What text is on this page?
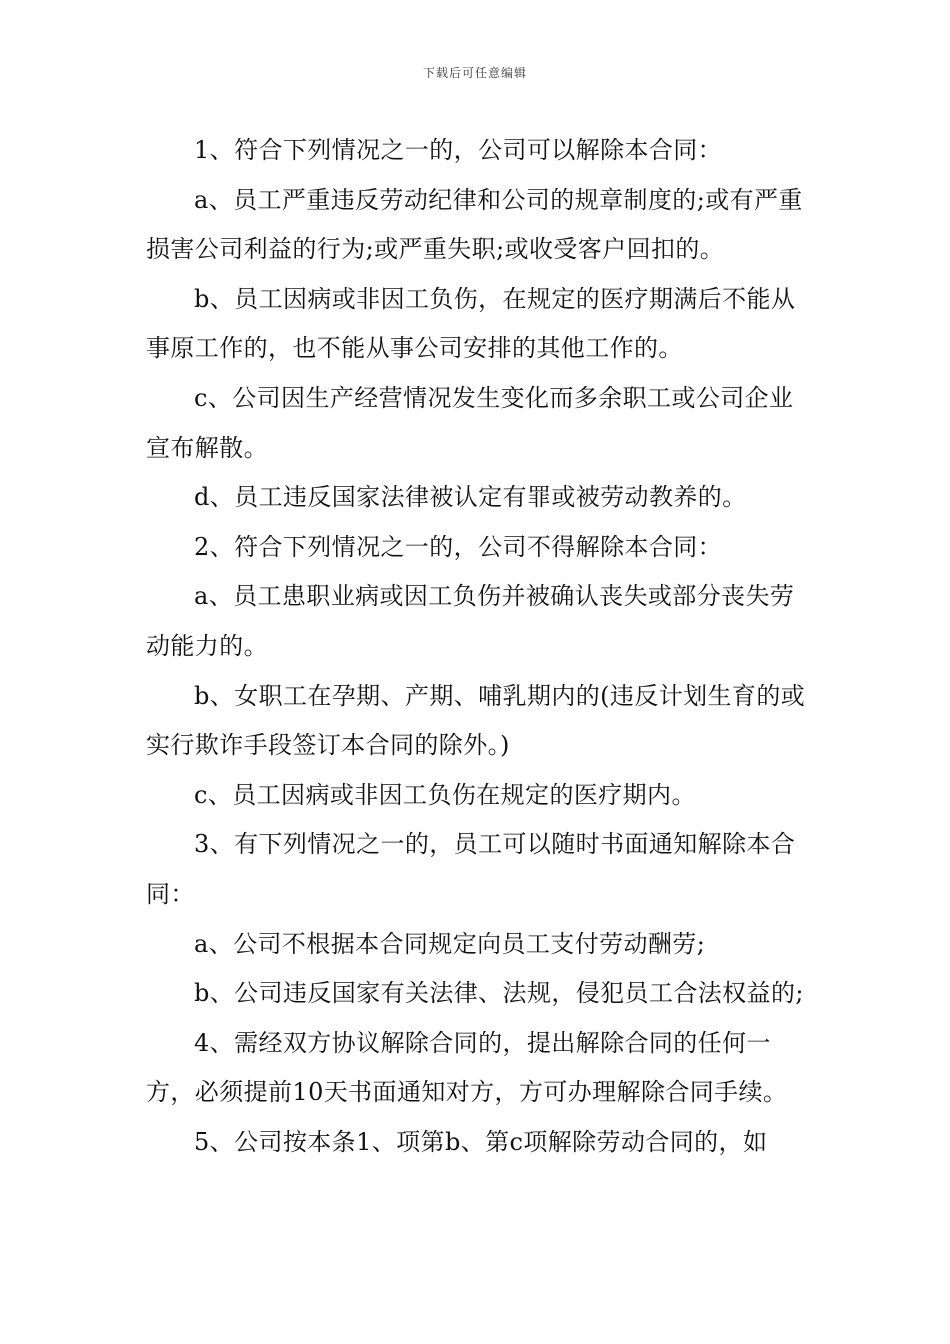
下载后可任意编辑

1、符合下列情况之一的，公司可以解除本合同：

a、员工严重违反劳动纪律和公司的规章制度的;或有严重损害公司利益的行为;或严重失职;或收受客户回扣的。

b、员工因病或非因工负伤，在规定的医疗期满后不能从事原工作的，也不能从事公司安排的其他工作的。

c、公司因生产经营情况发生变化而多余职工或公司企业宣布解散。

d、员工违反国家法律被认定有罪或被劳动教养的。

2、符合下列情况之一的，公司不得解除本合同：

a、员工患职业病或因工负伤并被确认丧失或部分丧失劳动能力的。

b、女职工在孕期、产期、哺乳期内的(违反计划生育的或实行欺诈手段签订本合同的除外。)

c、员工因病或非因工负伤在规定的医疗期内。

3、有下列情况之一的，员工可以随时书面通知解除本合同：

a、公司不根据本合同规定向员工支付劳动酬劳;

b、公司违反国家有关法律、法规，侵犯员工合法权益的;

4、需经双方协议解除合同的，提出解除合同的任何一方，必须提前10天书面通知对方，方可办理解除合同手续。

5、公司按本条1、项第b、第c项解除劳动合同的，如
